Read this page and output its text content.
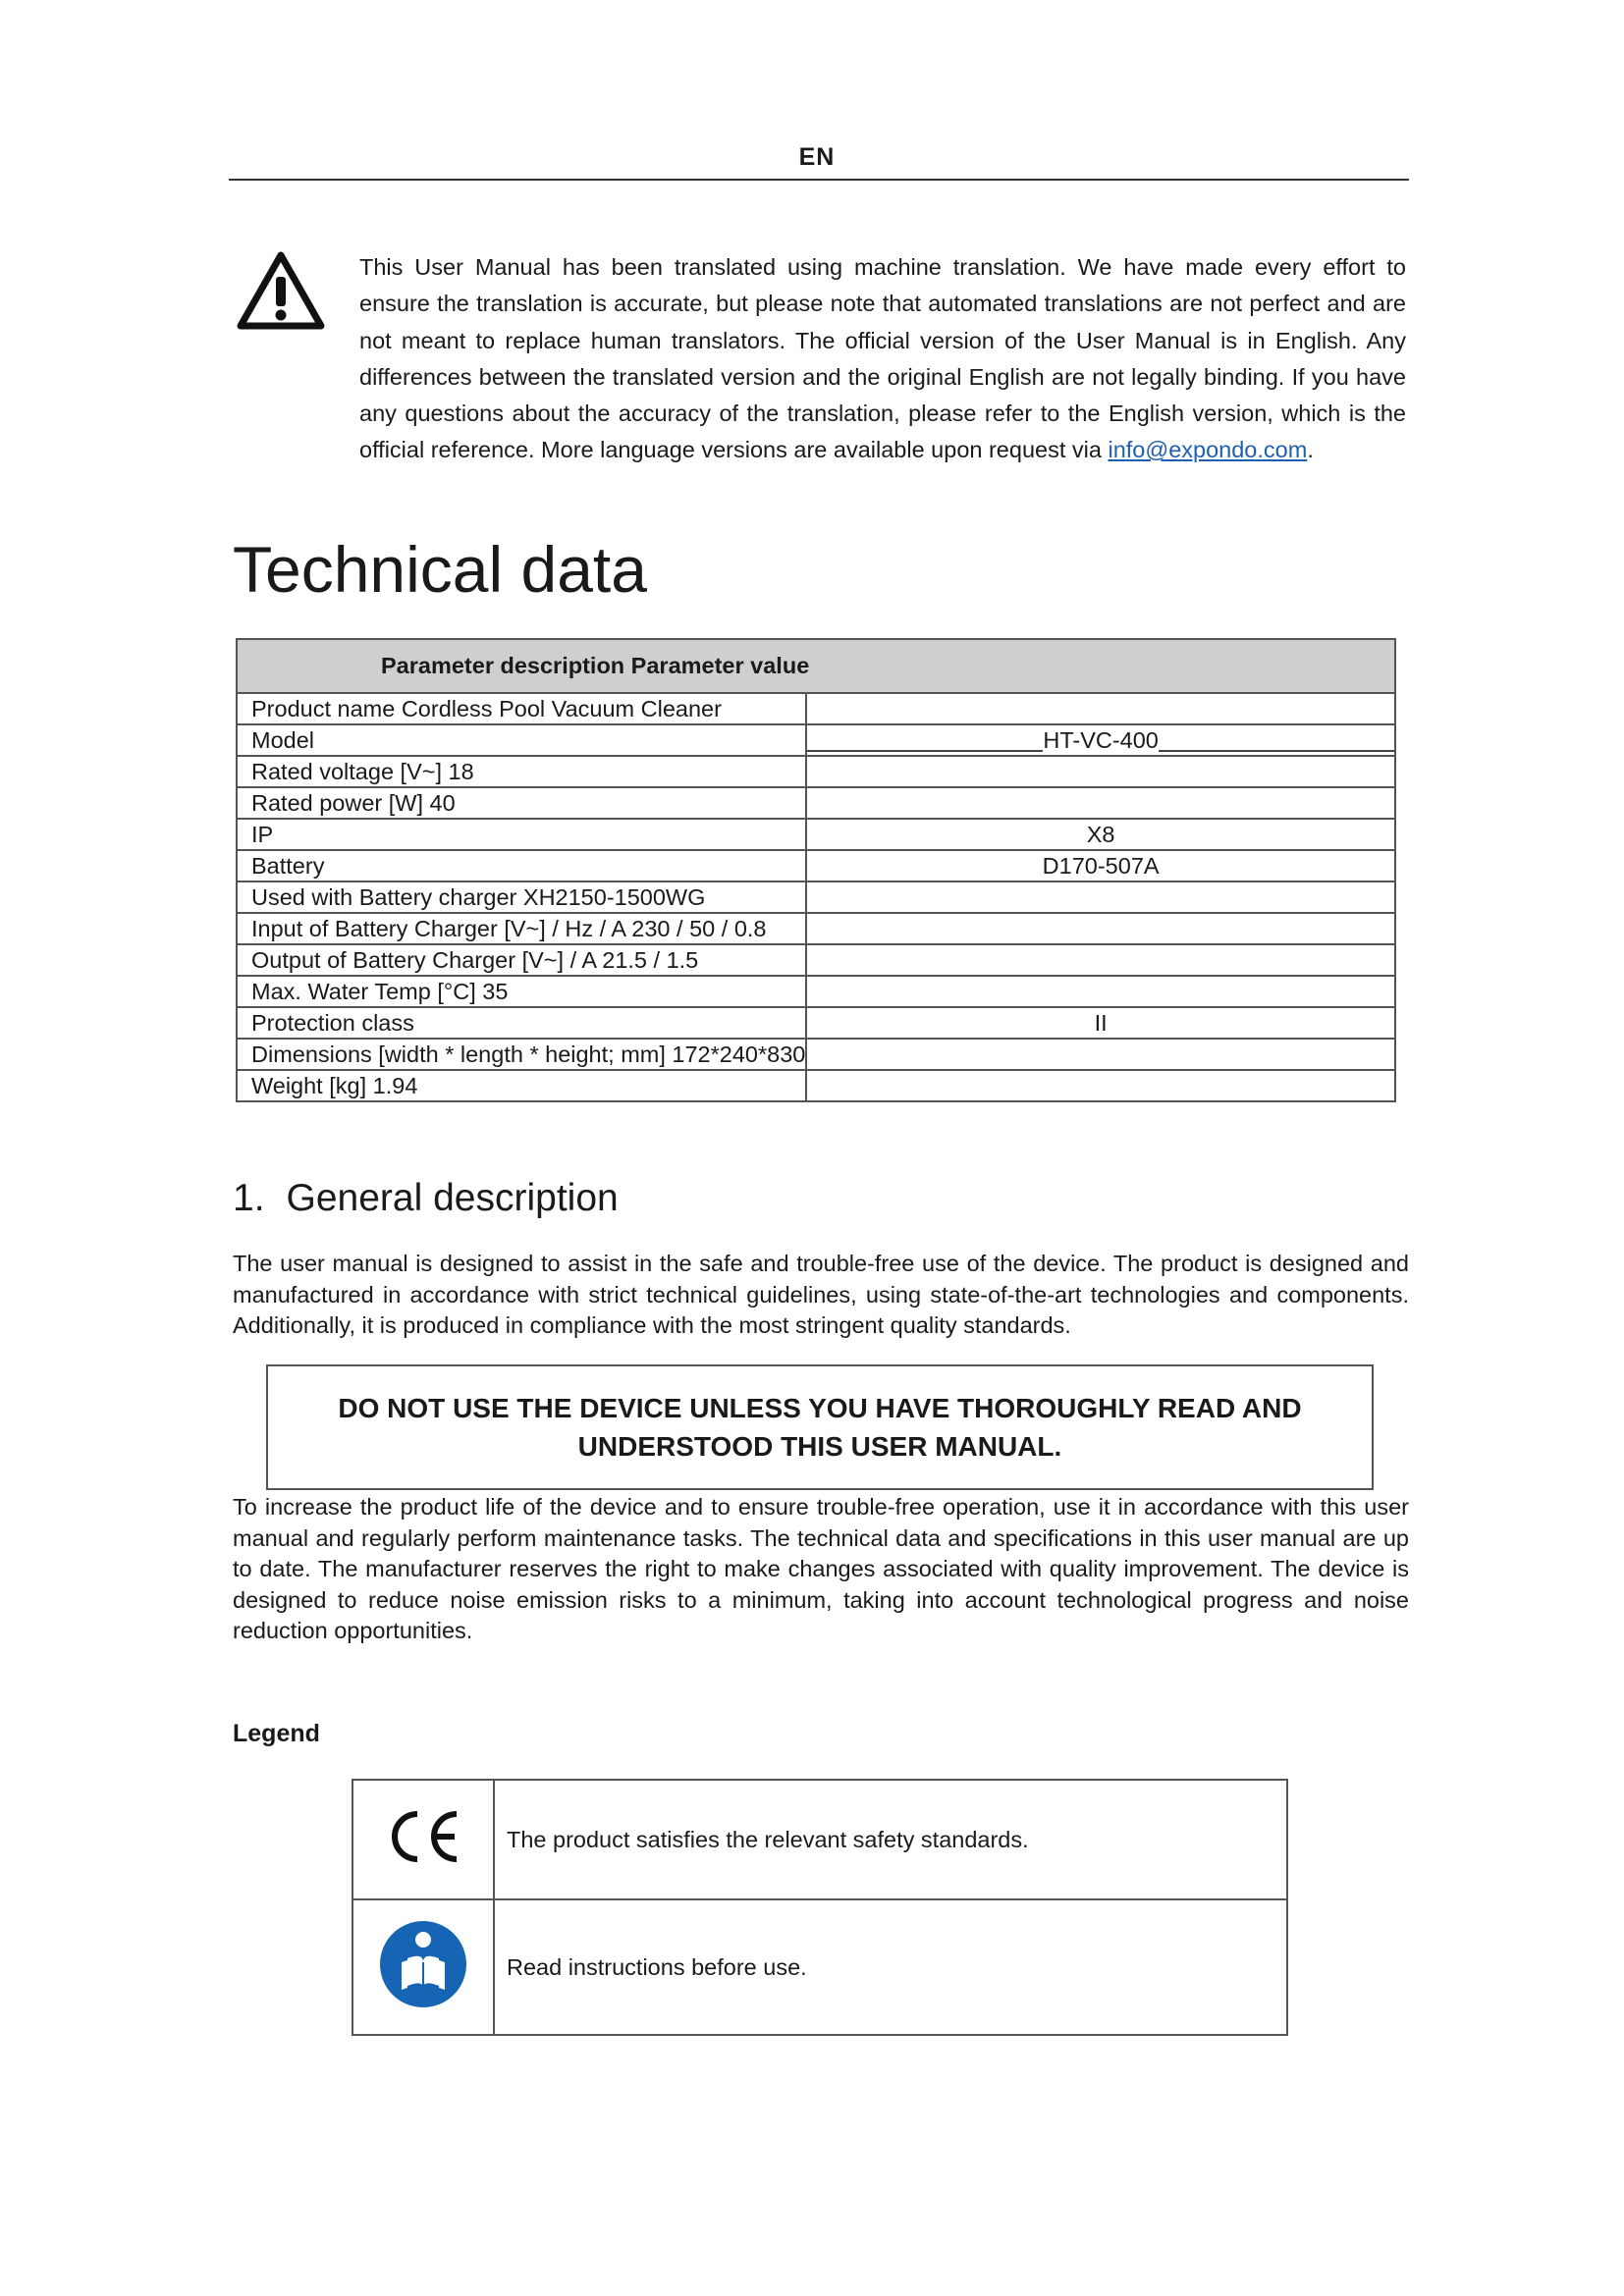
EN
This User Manual has been translated using machine translation. We have made every effort to ensure the translation is accurate, but please note that automated translations are not perfect and are not meant to replace human translators. The official version of the User Manual is in English. Any differences between the translated version and the original English are not legally binding. If you have any questions about the accuracy of the translation, please refer to the English version, which is the official reference. More language versions are available upon request via info@expondo.com.
Technical data
Parameter description Parameter value	
Product name Cordless Pool Vacuum Cleaner	
Model	HT-VC-400
Rated voltage [V~] 18	
Rated power [W] 40	
IP	X8
Battery	D170-507A
Used with Battery charger XH2150-1500WG	
Input of Battery Charger [V~] / Hz / A 230 / 50 / 0.8	
Output of Battery Charger [V~] / A 21.5 / 1.5	
Max. Water Temp [°C] 35	
Protection class	II
Dimensions [width * length * height; mm] 172*240*830	
Weight [kg] 1.94	
1. General description
The user manual is designed to assist in the safe and trouble-free use of the device. The product is designed and manufactured in accordance with strict technical guidelines, using state-of-the-art technologies and components. Additionally, it is produced in compliance with the most stringent quality standards.
DO NOT USE THE DEVICE UNLESS YOU HAVE THOROUGHLY READ AND
UNDERSTOOD THIS USER MANUAL.
To increase the product life of the device and to ensure trouble-free operation, use it in accordance with this user manual and regularly perform maintenance tasks. The technical data and specifications in this user manual are up to date. The manufacturer reserves the right to make changes associated with quality improvement. The device is designed to reduce noise emission risks to a minimum, taking into account technological progress and noise reduction opportunities.
Legend
	The product satisfies the relevant safety standards.
	Read instructions before use.
